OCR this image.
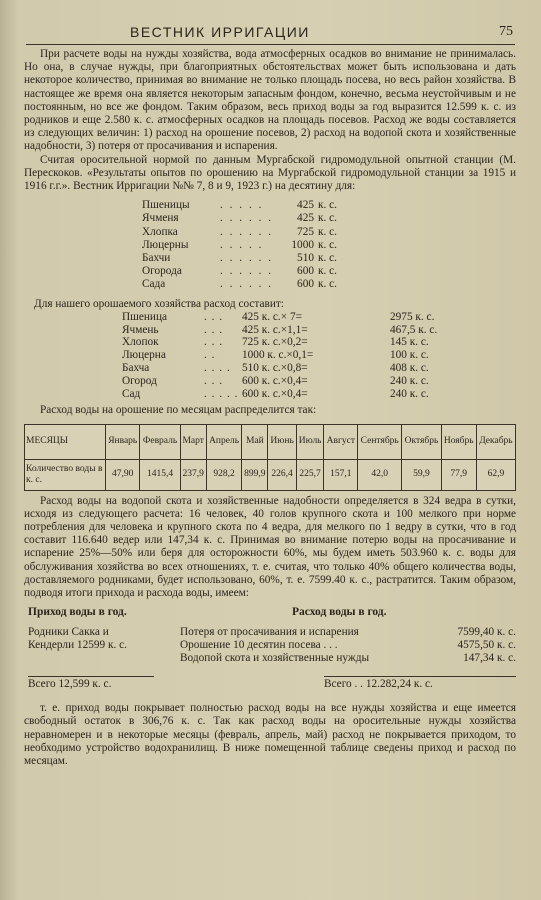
ВЕСТНИК ИРРИГАЦИИ	75

При расчете воды на нужды хозяйства, вода атмосферных осадков во внимание не принималась. Но она, в случае нужды, при благоприятных обстоятельствах может быть использована и дать некоторое количество, принимая во внимание не только площадь посева, но весь район хозяйства. В настоящее же время она является некоторым запасным фондом, конечно, весьма неустойчивым и не постоянным, но все же фондом. Таким образом, весь приход воды за год выразится 12.599 к. с. из родников и еще 2.580 к. с. атмосферных осадков на площадь посевов. Расход же воды составляется из следующих величин: 1) расход на орошение посевов, 2) расход на водопой скота и хозяйственные надобности, 3) потеря от просачивания и испарения.

Считая оросительной нормой по данным Мургабской гидромодульной опытной станции (М. Перескоков. «Результаты опытов по орошению на Мургабской гидромодульной станции за 1915 и 1916 г.г.». Вестник Ирригации №№ 7, 8 и 9, 1923 г.) на десятину для:

Пшеницы	. . . . .	425 к. с.
Ячменя	. . . . . .	425 к. с.
Хлопка	. . . . . .	725 к. с.
Люцерны	. . . . .	1000 к. с.
Бахчи	. . . . . .	510 к. с.
Огорода	. . . . . .	600 к. с.
Сада	. . . . . .	600 к. с.

Для нашего орошаемого хозяйства расход составит:

Пшеница	. . .	425 к. с.× 7=	2975 к. с.
Ячмень	. . .	425 к. с.×1,1=	467,5 к. с.
Хлопок	. . .	725 к. с.×0,2=	145 к. с.
Люцерна	. .	1000 к. с.×0,1=	100 к. с.
Бахча	. . . . 510 к. с.×0,8=	408 к. с.
Огород	. . .	600 к. с.×0,4=	240 к. с.
Сад	. . . . . 600 к. с.×0,4=	240 к. с.

Расход воды на орошение по месяцам распределится так:

МЕСЯЦЫ	Январь	Февраль	Март	Апрель	Май	Июнь	Июль	Август	Сентябрь	Октябрь	Ноябрь	Декабрь
Количество воды в к. с.	47,90	1415,4	237,9	928,2	899,9	226,4	225,7	157,1	42,0	59,9	77,9	62,9

Расход воды на водопой скота и хозяйственные надобности определяется в 324 ведра в сутки, исходя из следующего расчета: 16 человек, 40 голов крупного скота и 100 мелкого при норме потребления для человека и крупного скота по 4 ведра, для мелкого по 1 ведру в сутки, что в год составит 116.640 ведер или 147,34 к. с. Принимая во внимание потерю воды на просачивание и испарение 25%—50% или беря для осторожности 60%, мы будем иметь 503.960 к. с. воды для обслуживания хозяйства во всех отношениях, т. е. считая, что только 40% общего количества воды, доставляемого родниками, будет использовано, 60%, т. е. 7599.40 к. с., растратится. Таким образом, подводя итоги прихода и расхода воды, имеем:

Приход воды в год.	Расход воды в год.
Родники Сакка и
Кендерли 12599 к. с.
Потеря от просачивания и испарения	7599,40 к. с.
Орошение 10 десятин посева . . .	4575,50 к. с.
Водопой скота и хозяйственные нужды	147,34 к. с.
Всего 12,599 к. с.	Всего . . 12.282,24 к. с.

т. е. приход воды покрывает полностью расход воды на все нужды хозяйства и еще имеется свободный остаток в 306,76 к. с. Так как расход воды на оросительные нужды хозяйства неравномерен и в некоторые месяцы (февраль, апрель, май) расход не покрывается приходом, то необходимо устройство водохранилищ. В ниже помещенной таблице сведены приход и расход по месяцам.
